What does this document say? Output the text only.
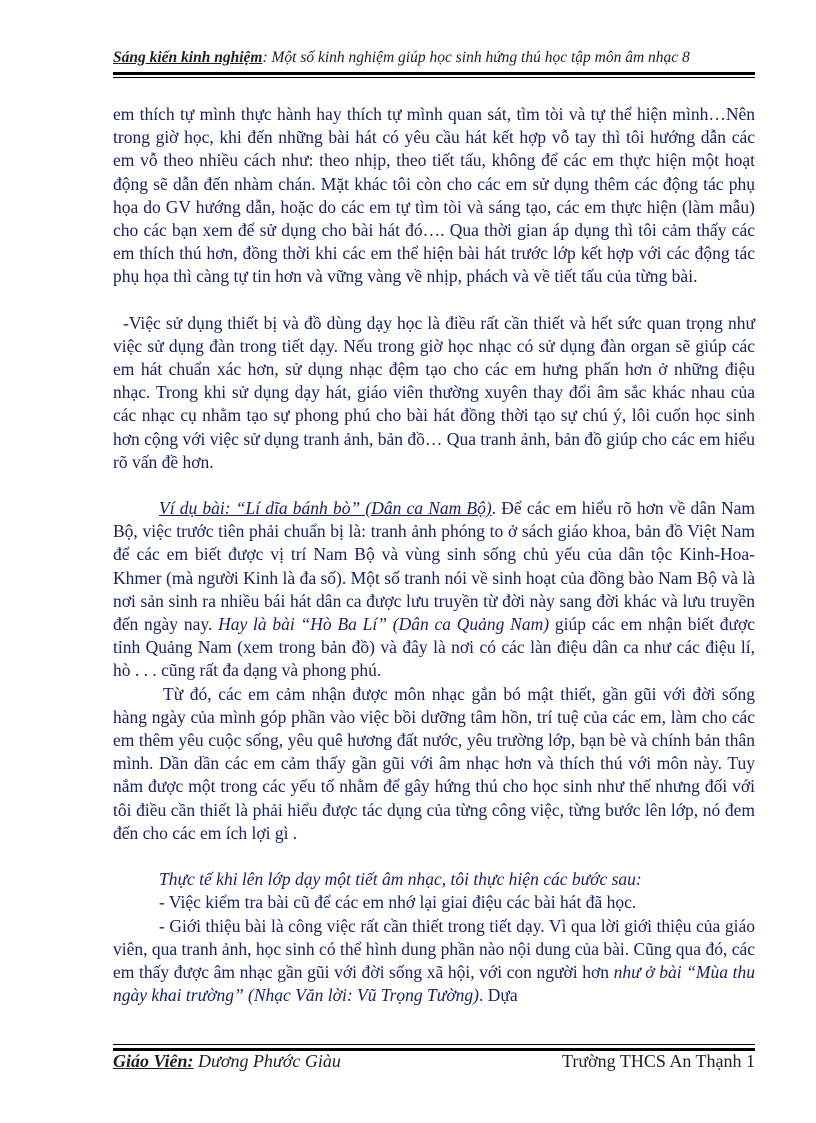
Sáng kiến kinh nghiệm: Một số kinh nghiệm giúp học sinh hứng thú học tập môn âm nhạc 8

em thích tự mình thực hành hay thích tự mình quan sát, tìm tòi và tự thể hiện mình…Nên trong giờ học, khi đến những bài hát có yêu cầu hát kết hợp vỗ tay thì tôi hướng dẫn các em vỗ theo nhiều cách như: theo nhịp, theo tiết tấu, không để các em thực hiện một hoạt động sẽ dẫn đến nhàm chán. Mặt khác tôi còn cho các em sử dụng thêm các động tác phụ họa do GV hướng dẫn, hoặc do các em tự tìm tòi và sáng tạo, các em thực hiện (làm mẫu) cho các bạn xem để sử dụng cho bài hát đó…. Qua thời gian áp dụng thì tôi cảm thấy các em thích thú hơn, đồng thời khi các em thể hiện bài hát trước lớp kết hợp với các động tác phụ họa thì càng tự tin hơn và vững vàng về nhịp, phách và về tiết tấu của từng bài.

-Việc sử dụng thiết bị và đồ dùng dạy học là điều rất cần thiết và hết sức quan trọng như việc sử dụng đàn trong tiết dạy. Nếu trong giờ học nhạc có sử dụng đàn organ sẽ giúp các em hát chuẩn xác hơn, sử dụng nhạc đệm tạo cho các em hưng phấn hơn ở những điệu nhạc. Trong khi sử dụng dạy hát, giáo viên thường xuyên thay đổi âm sắc khác nhau của các nhạc cụ nhằm tạo sự phong phú cho bài hát đồng thời tạo sự chú ý, lôi cuốn học sinh hơn cộng với việc sử dụng tranh ảnh, bản đồ… Qua tranh ảnh, bản đồ giúp cho các em hiểu rõ vấn đề hơn.

Ví dụ bài: “Lí dĩa bánh bò” (Dân ca Nam Bộ). Để các em hiểu rõ hơn về dân Nam Bộ, việc trước tiên phải chuẩn bị là: tranh ảnh phóng to ở sách giáo khoa, bản đồ Việt Nam để các em biết được vị trí Nam Bộ và vùng sinh sống chủ yếu của dân tộc Kinh-Hoa-Khmer (mà người Kinh là đa số). Một số tranh nói về sinh hoạt của đồng bào Nam Bộ và là nơi sản sinh ra nhiều bái hát dân ca được lưu truyền từ đời này sang đời khác và lưu truyền đến ngày nay. Hay là bài “Hò Ba Lí” (Dân ca Quảng Nam) giúp các em nhận biết được tỉnh Quảng Nam (xem trong bản đồ) và đây là nơi có các làn điệu dân ca như các điệu lí, hò . . . cũng rất đa dạng và phong phú.

Từ đó, các em cảm nhận được môn nhạc gắn bó mật thiết, gần gũi với đời sống hàng ngày của mình góp phần vào việc bồi dưỡng tâm hồn, trí tuệ của các em, làm cho các em thêm yêu cuộc sống, yêu quê hương đất nước, yêu trường lớp, bạn bè và chính bản thân mình. Dần dần các em cảm thấy gần gũi với âm nhạc hơn và thích thú với môn này. Tuy nắm được một trong các yếu tố nhằm để gây hứng thú cho học sinh như thế nhưng đối với tôi điều cần thiết là phải hiểu được tác dụng của từng công việc, từng bước lên lớp, nó đem đến cho các em ích lợi gì .

Thực tế khi lên lớp dạy một tiết âm nhạc, tôi thực hiện các bước sau:

- Việc kiểm tra bài cũ để các em nhớ lại giai điệu các bài hát đã học.

- Giới thiệu bài là công việc rất cần thiết trong tiết dạy. Vì qua lời giới thiệu của giáo viên, qua tranh ảnh, học sinh có thể hình dung phần nào nội dung của bài. Cũng qua đó, các em thấy được âm nhạc gần gũi với đời sống xã hội, với con người hơn như ở bài “Mùa thu ngày khai trường” (Nhạc Văn lời: Vũ Trọng Tường). Dựa

Giáo Viên: Dương Phước Giàu	Trường THCS An Thạnh 1
